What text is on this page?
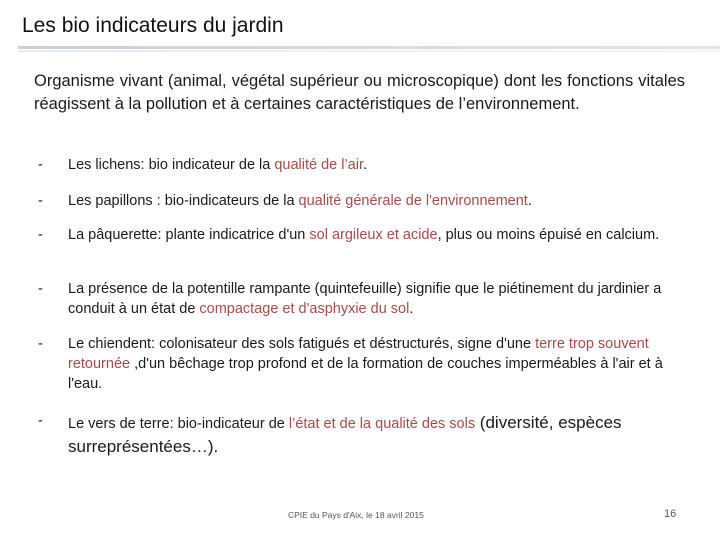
Les bio indicateurs du jardin
Organisme vivant (animal, végétal supérieur ou microscopique) dont les fonctions vitales réagissent à la pollution et à certaines caractéristiques de l’environnement.
-	Les lichens: bio indicateur de la qualité de l’air.
-	Les papillons : bio-indicateurs de la qualité générale de l'environnement.
-	La pâquerette: plante indicatrice d'un sol argileux et acide, plus ou moins épuisé en calcium.
-	La présence de la potentille rampante (quintefeuille) signifie que le piétinement du jardinier a conduit à un état de compactage et d'asphyxie du sol.
-	Le chiendent: colonisateur des sols fatigués et déstructurés, signe d'une terre trop souvent retournée ,d'un bêchage trop profond et de la formation de couches imperméables à l'air et à l'eau.
-	Le vers de terre: bio-indicateur de l’état et de la qualité des sols (diversité, espèces surreprésentées…).
CPIE du Pays d'Aix, le 18 avril 2015	16
